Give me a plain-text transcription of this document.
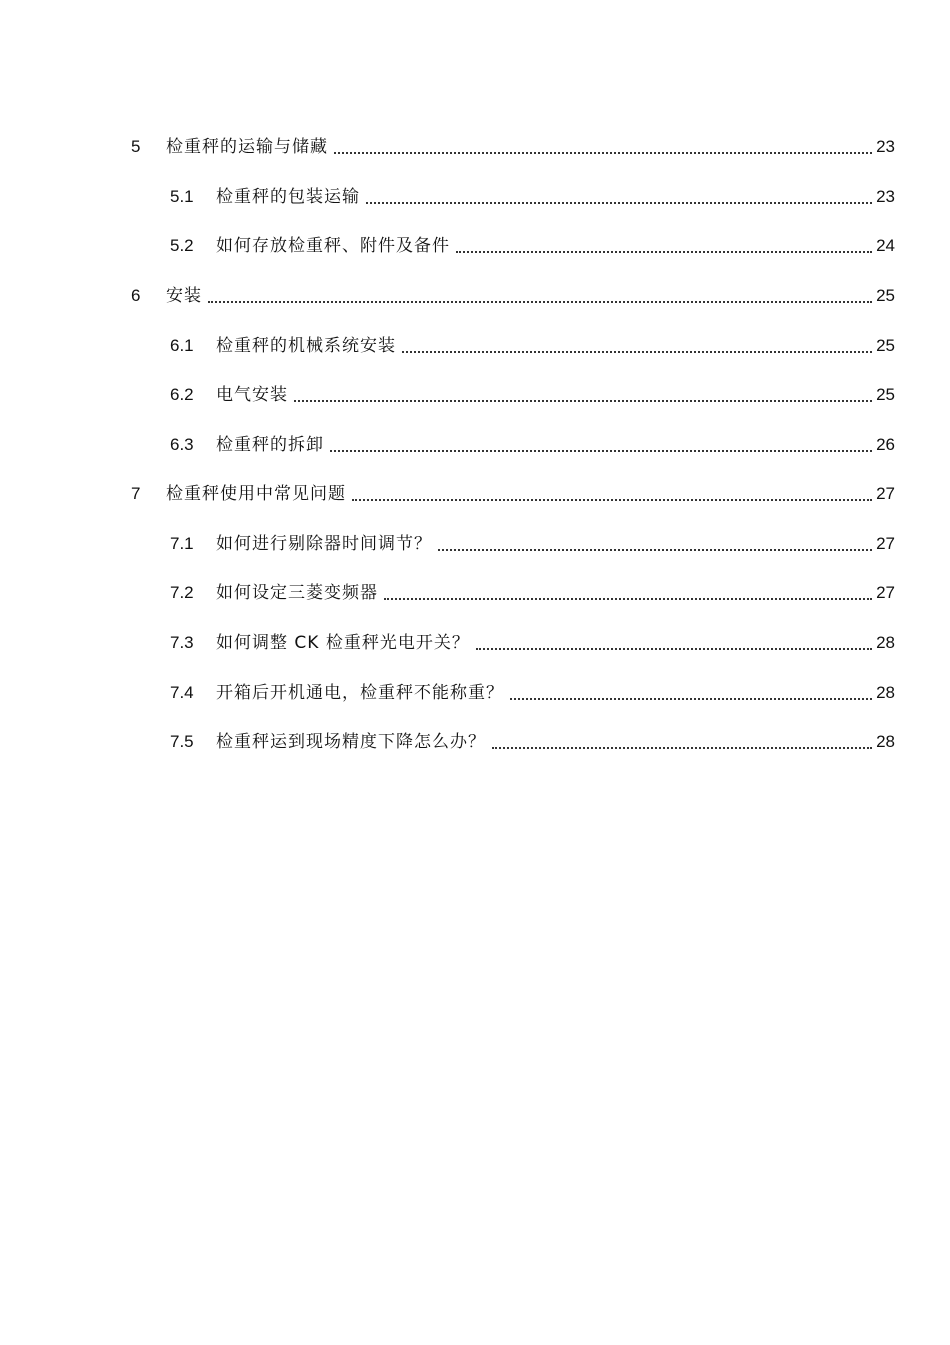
5	检重秤的运输与储藏	23
5.1	检重秤的包装运输	23
5.2	如何存放检重秤、附件及备件	24
6	安装	25
6.1	检重秤的机械系统安装	25
6.2	电气安装	25
6.3	检重秤的拆卸	26
7	检重秤使用中常见问题	27
7.1	如何进行剔除器时间调节？	27
7.2	如何设定三菱变频器	27
7.3	如何调整 CK 检重秤光电开关？	28
7.4	开箱后开机通电，检重秤不能称重？	28
7.5	检重秤运到现场精度下降怎么办？	28
